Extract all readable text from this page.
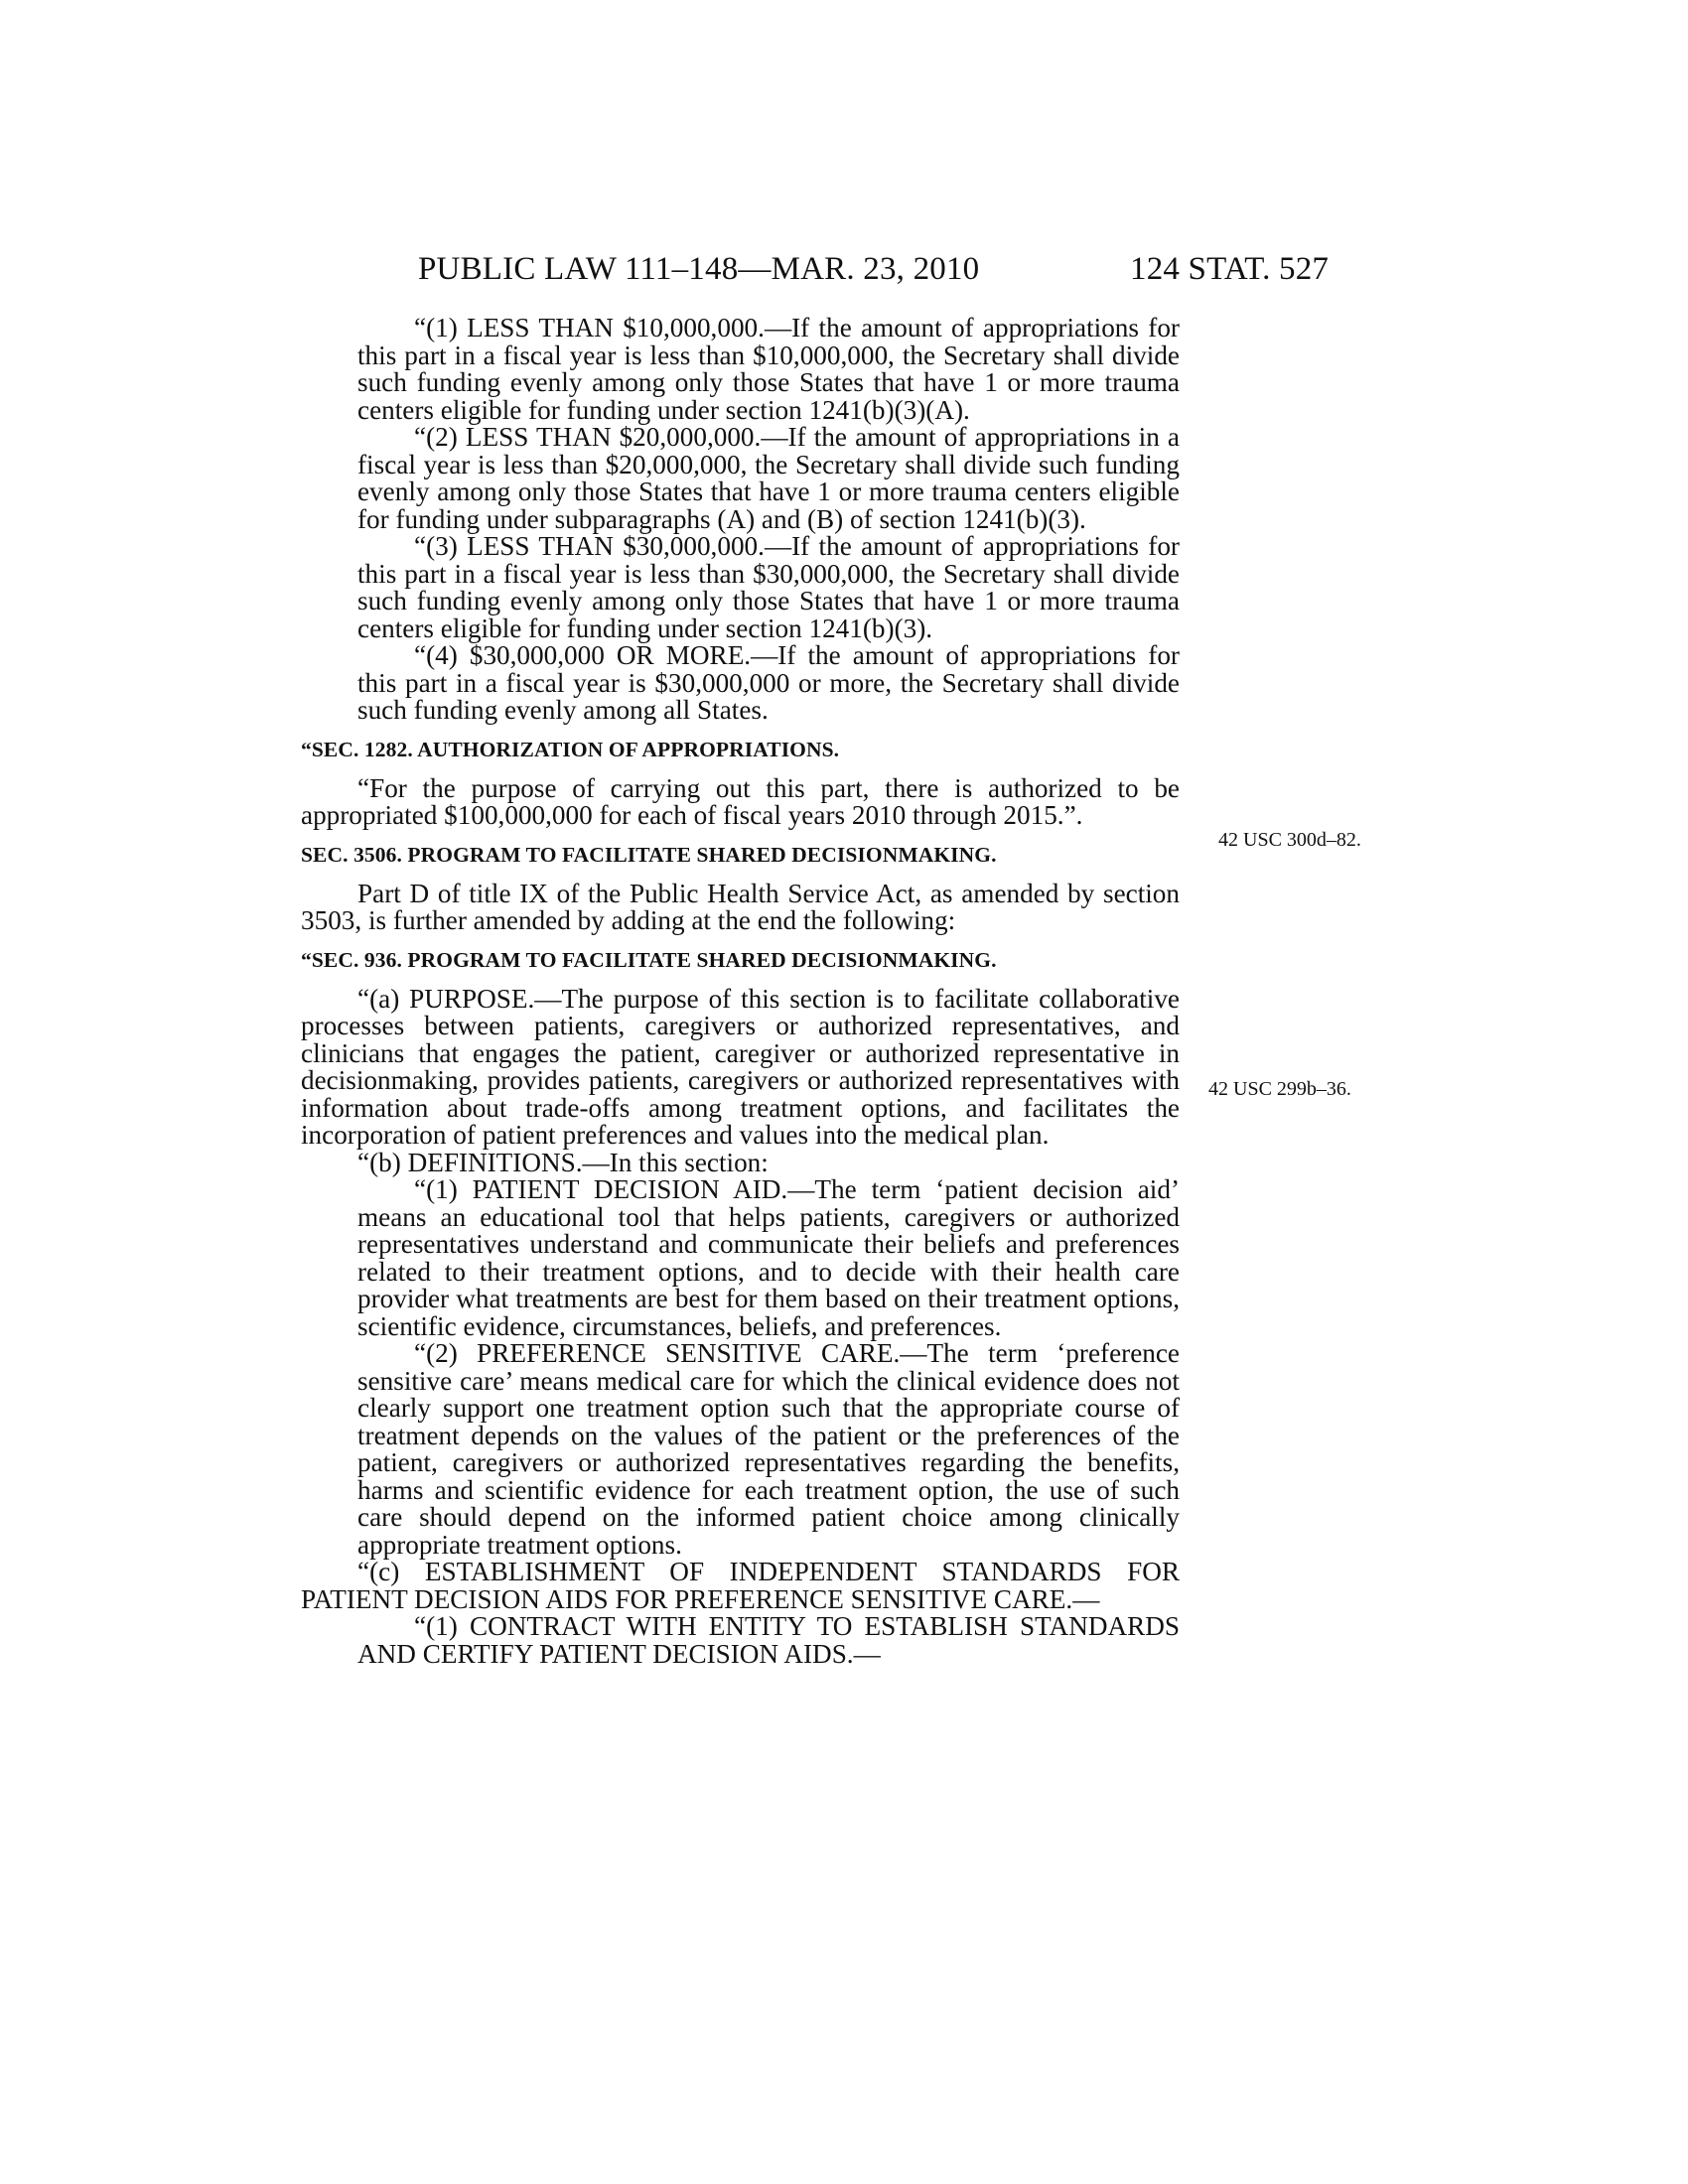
PUBLIC LAW 111–148—MAR. 23, 2010	124 STAT. 527
42 USC 300d–82.
42 USC 299b–36.

“(1) LESS THAN $10,000,000.—If the amount of appropriations for this part in a fiscal year is less than $10,000,000, the Secretary shall divide such funding evenly among only those States that have 1 or more trauma centers eligible for funding under section 1241(b)(3)(A).

“(2) LESS THAN $20,000,000.—If the amount of appropriations in a fiscal year is less than $20,000,000, the Secretary shall divide such funding evenly among only those States that have 1 or more trauma centers eligible for funding under subparagraphs (A) and (B) of section 1241(b)(3).

“(3) LESS THAN $30,000,000.—If the amount of appropriations for this part in a fiscal year is less than $30,000,000, the Secretary shall divide such funding evenly among only those States that have 1 or more trauma centers eligible for funding under section 1241(b)(3).

“(4) $30,000,000 OR MORE.—If the amount of appropriations for this part in a fiscal year is $30,000,000 or more, the Secretary shall divide such funding evenly among all States.

“SEC. 1282. AUTHORIZATION OF APPROPRIATIONS.

“For the purpose of carrying out this part, there is authorized to be appropriated $100,000,000 for each of fiscal years 2010 through 2015.”.

SEC. 3506. PROGRAM TO FACILITATE SHARED DECISIONMAKING.

Part D of title IX of the Public Health Service Act, as amended by section 3503, is further amended by adding at the end the following:

“SEC. 936. PROGRAM TO FACILITATE SHARED DECISIONMAKING.

“(a) PURPOSE.—The purpose of this section is to facilitate collaborative processes between patients, caregivers or authorized representatives, and clinicians that engages the patient, caregiver or authorized representative in decisionmaking, provides patients, caregivers or authorized representatives with information about trade-offs among treatment options, and facilitates the incorporation of patient preferences and values into the medical plan.

“(b) DEFINITIONS.—In this section:

“(1) PATIENT DECISION AID.—The term ‘patient decision aid’ means an educational tool that helps patients, caregivers or authorized representatives understand and communicate their beliefs and preferences related to their treatment options, and to decide with their health care provider what treatments are best for them based on their treatment options, scientific evidence, circumstances, beliefs, and preferences.

“(2) PREFERENCE SENSITIVE CARE.—The term ‘preference sensitive care’ means medical care for which the clinical evidence does not clearly support one treatment option such that the appropriate course of treatment depends on the values of the patient or the preferences of the patient, caregivers or authorized representatives regarding the benefits, harms and scientific evidence for each treatment option, the use of such care should depend on the informed patient choice among clinically appropriate treatment options.

“(c) ESTABLISHMENT OF INDEPENDENT STANDARDS FOR PATIENT DECISION AIDS FOR PREFERENCE SENSITIVE CARE.—

“(1) CONTRACT WITH ENTITY TO ESTABLISH STANDARDS AND CERTIFY PATIENT DECISION AIDS.—
